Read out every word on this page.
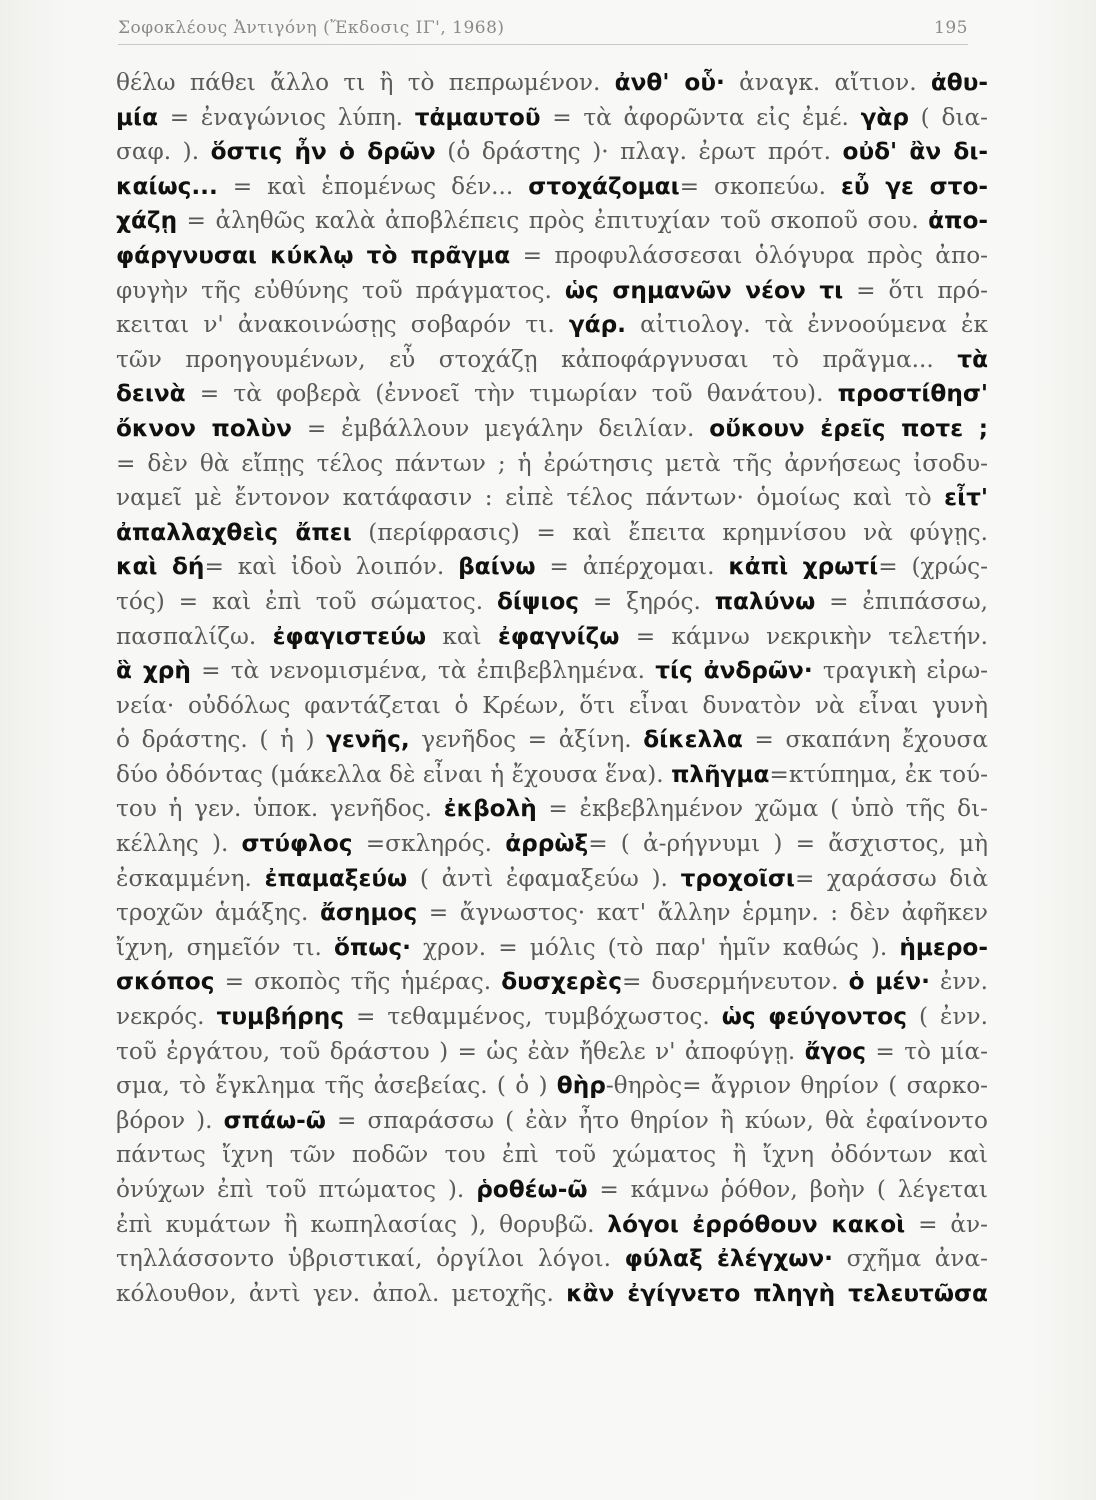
Σοφοκλέους Ἀντιγόνη (Ἔκδοσις ΙΓ', 1968)	195
θέλω πάθει ἄλλο τι ἢ τὸ πεπρωμένον. ἀνθ' οὗ· ἀναγκ. αἴτιον. ἀθυ-
μία = ἐναγώνιος λύπη. τἀμαυτοῦ = τὰ ἀφορῶντα εἰς ἐμέ. γὰρ ( δια-
σαφ. ). ὅστις ἦν ὁ δρῶν (ὁ δράστης )· πλαγ. ἐρωτ πρότ. οὐδ' ἂν δι-
καίως... = καὶ ἑπομένως δέν... στοχάζομαι= σκοπεύω. εὖ γε στο-
χάζῃ = ἀληθῶς καλὰ ἀποβλέπεις πρὸς ἐπιτυχίαν τοῦ σκοποῦ σου. ἀπο-
φάργνυσαι κύκλῳ τὸ πρᾶγμα = προφυλάσσεσαι ὁλόγυρα πρὸς ἀπο-
φυγὴν τῆς εὐθύνης τοῦ πράγματος. ὡς σημανῶν νέον τι = ὅτι πρό-
κειται ν' ἀνακοινώσῃς σοβαρόν τι. γάρ. αἰτιολογ. τὰ ἐννοούμενα ἐκ
τῶν προηγουμένων, εὖ στοχάζῃ κἀποφάργνυσαι τὸ πρᾶγμα... τὰ
δεινὰ = τὰ φοβερὰ (ἐννοεῖ τὴν τιμωρίαν τοῦ θανάτου). προστίθησ'
ὄκνον πολὺν = ἐμβάλλουν μεγάλην δειλίαν. οὔκουν ἐρεῖς ποτε ;
= δὲν θὰ εἴπῃς τέλος πάντων ; ἡ ἐρώτησις μετὰ τῆς ἀρνήσεως ἰσοδυ-
ναμεῖ μὲ ἔντονον κατάφασιν : εἰπὲ τέλος πάντων· ὁμοίως καὶ τὸ εἶτ'
ἀπαλλαχθεὶς ἄπει (περίφρασις) = καὶ ἔπειτα κρημνίσου νὰ φύγῃς.
καὶ δή= καὶ ἰδοὺ λοιπόν. βαίνω = ἀπέρχομαι. κἀπὶ χρωτί= (χρώς-
τός) = καὶ ἐπὶ τοῦ σώματος. δίψιος = ξηρός. παλύνω = ἐπιπάσσω,
πασπαλίζω. ἐφαγιστεύω καὶ ἐφαγνίζω = κάμνω νεκρικὴν τελετήν.
ἃ χρὴ = τὰ νενομισμένα, τὰ ἐπιβεβλημένα. τίς ἀνδρῶν· τραγικὴ εἰρω-
νεία· οὐδόλως φαντάζεται ὁ Κρέων, ὅτι εἶναι δυνατὸν νὰ εἶναι γυνὴ
ὁ δράστης. ( ἡ ) γενῆς, γενῆδος = ἀξίνη. δίκελλα = σκαπάνη ἔχουσα
δύο ὀδόντας (μάκελλα δὲ εἶναι ἡ ἔχουσα ἕνα). πλῆγμα=κτύπημα, ἐκ τού-
του ἡ γεν. ὑποκ. γενῆδος. ἐκβολὴ = ἐκβεβλημένον χῶμα ( ὑπὸ τῆς δι-
κέλλης ). στύφλος =σκληρός. ἀρρὼξ= ( ἀ-ρήγνυμι ) = ἄσχιστος, μὴ
ἐσκαμμένη. ἐπαμαξεύω ( ἀντὶ ἐφαμαξεύω ). τροχοῖσι= χαράσσω διὰ
τροχῶν ἁμάξης. ἄσημος = ἄγνωστος· κατ' ἄλλην ἑρμην. : δὲν ἀφῆκεν
ἴχνη, σημεῖόν τι. ὅπως· χρον. = μόλις (τὸ παρ' ἡμῖν καθώς ). ἡμερο-
σκόπος = σκοπὸς τῆς ἡμέρας. δυσχερὲς= δυσερμήνευτον. ὁ μέν· ἐνν.
νεκρός. τυμβήρης = τεθαμμένος, τυμβόχωστος. ὡς φεύγοντος ( ἐνν.
τοῦ ἐργάτου, τοῦ δράστου ) = ὡς ἐὰν ἤθελε ν' ἀποφύγῃ. ἄγος = τὸ μία-
σμα, τὸ ἔγκλημα τῆς ἀσεβείας. ( ὁ ) θὴρ-θηρὸς= ἄγριον θηρίον ( σαρκο-
βόρον ). σπάω-ῶ = σπαράσσω ( ἐὰν ἦτο θηρίον ἢ κύων, θὰ ἐφαίνοντο
πάντως ἴχνη τῶν ποδῶν του ἐπὶ τοῦ χώματος ἢ ἴχνη ὀδόντων καὶ
ὀνύχων ἐπὶ τοῦ πτώματος ). ῥοθέω-ῶ = κάμνω ῥόθον, βοὴν ( λέγεται
ἐπὶ κυμάτων ἢ κωπηλασίας ), θορυβῶ. λόγοι ἐρρόθουν κακοὶ = ἀν-
τηλλάσσοντο ὑβριστικαί, ὀργίλοι λόγοι. φύλαξ ἐλέγχων· σχῆμα ἀνα-
κόλουθον, ἀντὶ γεν. ἀπολ. μετοχῆς. κἂν ἐγίγνετο πληγὴ τελευτῶσα
